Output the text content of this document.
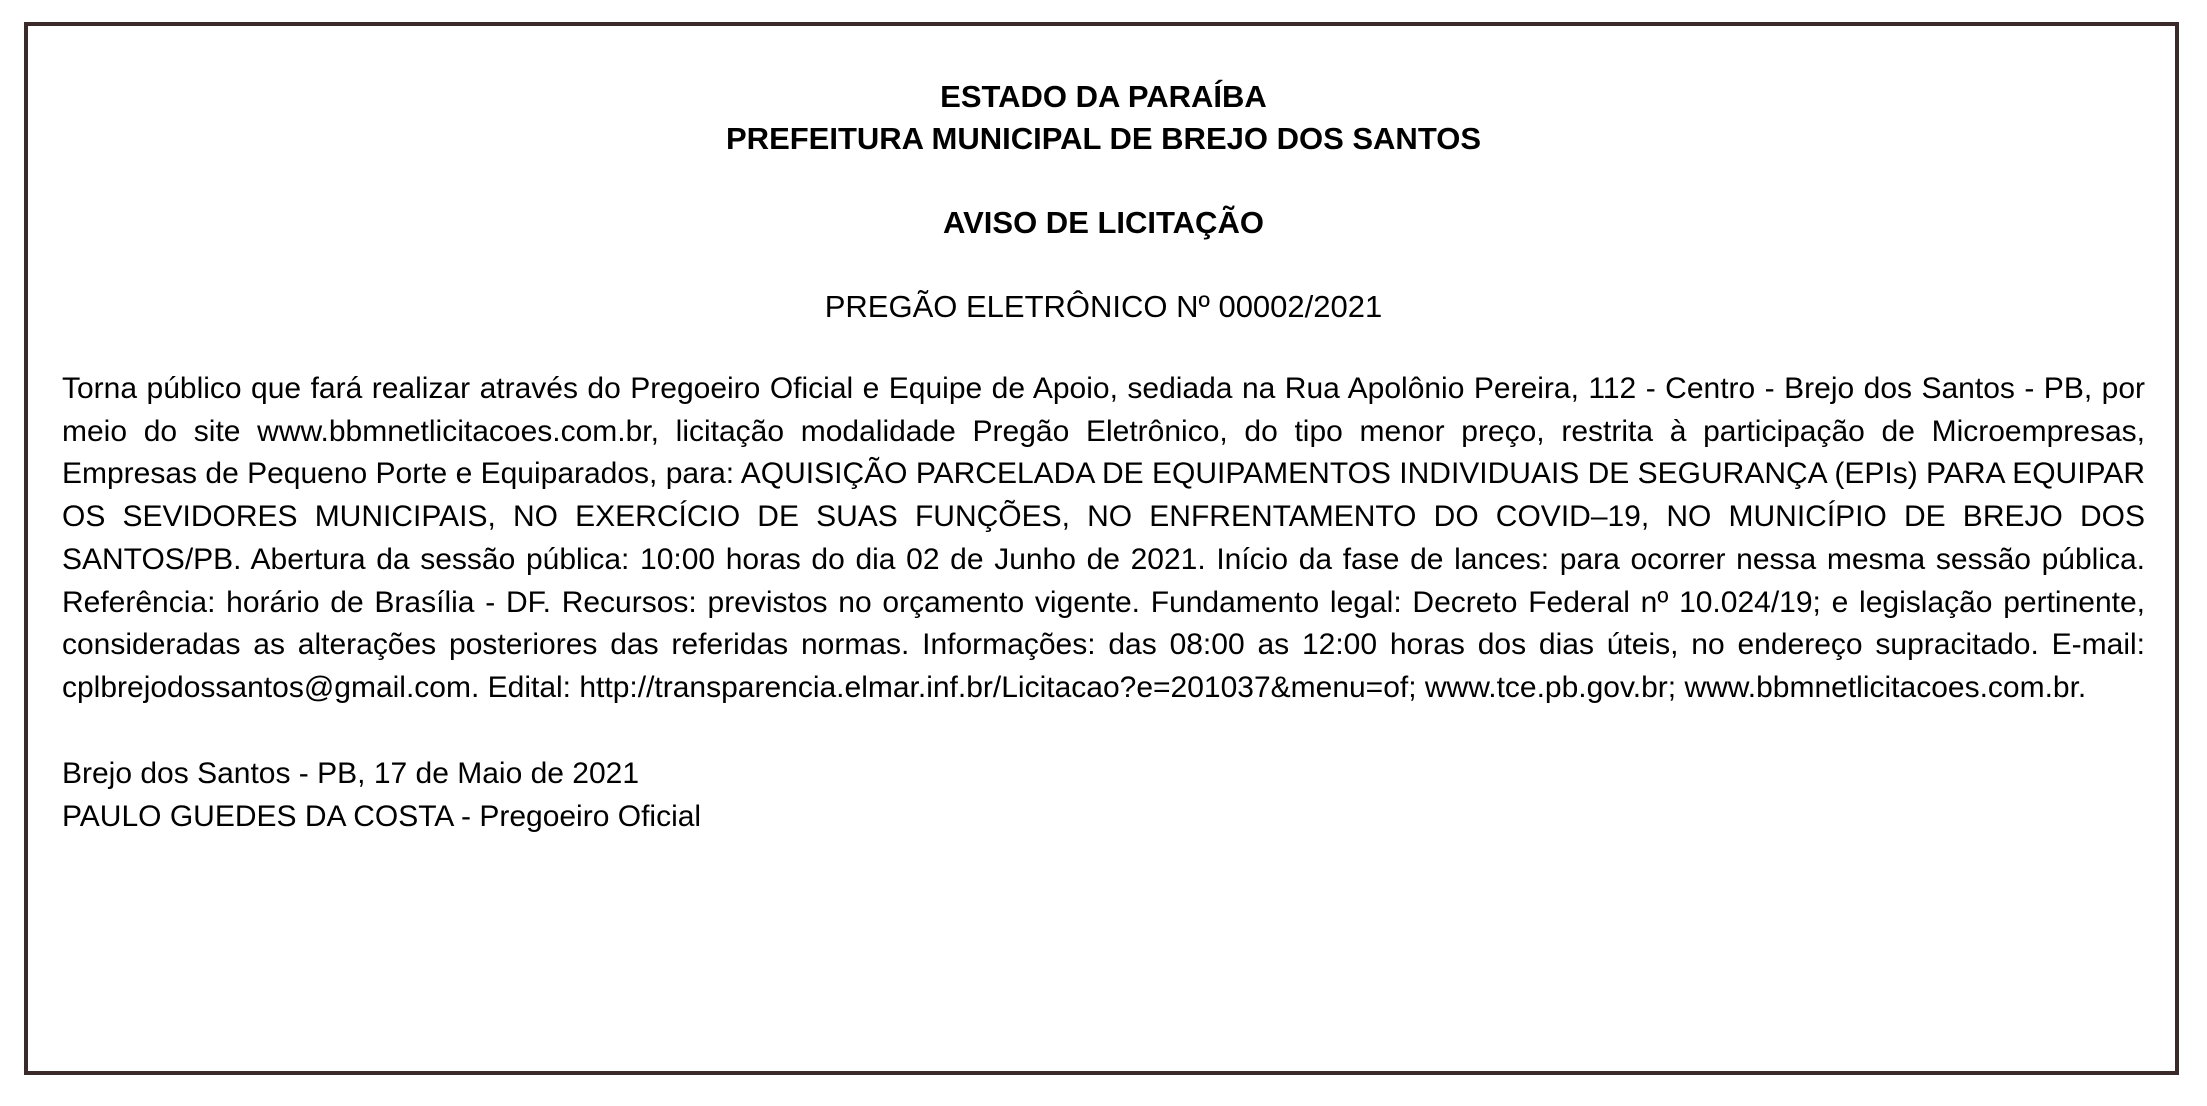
ESTADO DA PARAÍBA

PREFEITURA MUNICIPAL DE BREJO DOS SANTOS

AVISO DE LICITAÇÃO

PREGÃO ELETRÔNICO Nº 00002/2021

Torna público que fará realizar através do Pregoeiro Oficial e Equipe de Apoio, sediada na Rua Apolônio Pereira, 112 - Centro - Brejo dos Santos - PB, por meio do site www.bbmnetlicitacoes.com.br, licitação modalidade Pregão Eletrônico, do tipo menor preço, restrita à participação de Microempresas, Empresas de Pequeno Porte e Equiparados, para: AQUISIÇÃO PARCELADA DE EQUIPAMENTOS INDIVIDUAIS DE SEGURANÇA (EPIs) PARA EQUIPAR OS SEVIDORES MUNICIPAIS, NO EXERCÍCIO DE SUAS FUNÇÕES, NO ENFRENTAMENTO DO COVID–19, NO MUNICÍPIO DE BREJO DOS SANTOS/PB. Abertura da sessão pública: 10:00 horas do dia 02 de Junho de 2021. Início da fase de lances: para ocorrer nessa mesma sessão pública. Referência: horário de Brasília - DF. Recursos: previstos no orçamento vigente. Fundamento legal: Decreto Federal nº 10.024/19; e legislação pertinente, consideradas as alterações posteriores das referidas normas. Informações: das 08:00 as 12:00 horas dos dias úteis, no endereço supracitado. E-mail: cplbrejodossantos@gmail.com. Edital: http://transparencia.elmar.inf.br/Licitacao?e=201037&menu=of; www.tce.pb.gov.br; www.bbmnetlicitacoes.com.br.

Brejo dos Santos - PB, 17 de Maio de 2021
PAULO GUEDES DA COSTA - Pregoeiro Oficial
